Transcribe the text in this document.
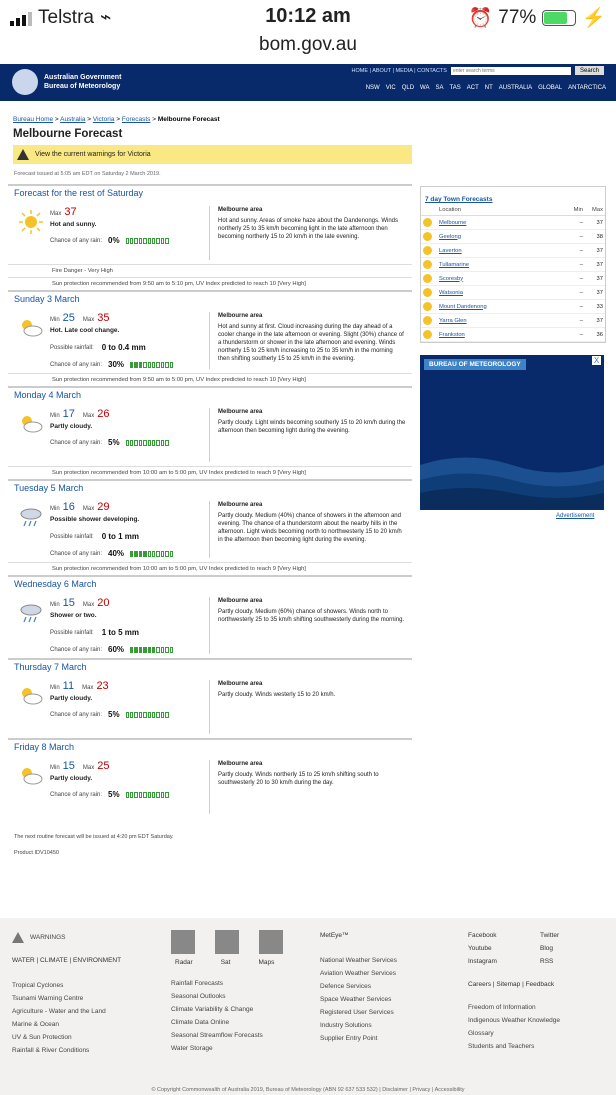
Telstra ⌁	10:12 am	⏰ 77% ⚡
bom.gov.au
Australian Government
Bureau of Meteorology
HOME | ABOUT | MEDIA | CONTACTS
enter search terms	Search
NSW VIC QLD WA SA TAS ACT NT AUSTRALIA GLOBAL ANTARCTICA
Bureau Home > Australia > Victoria > Forecasts > Melbourne Forecast
Melbourne Forecast
View the current warnings for Victoria
Forecast issued at 5:05 am EDT on Saturday 2 March 2019.
Forecast for the rest of Saturday
Max 37
Hot and sunny.
Chance of any rain: 0%
Melbourne area
Hot and sunny. Areas of smoke haze about the Dandenongs. Winds northerly 25 to 35 km/h becoming light in the late afternoon then becoming northerly 15 to 20 km/h in the late evening.
Fire Danger - Very High
Sun protection recommended from 9:50 am to 5:10 pm, UV Index predicted to reach 10 [Very High]
Sunday 3 March
Min 25 Max 35
Hot. Late cool change.
Possible rainfall: 0 to 0.4 mm
Chance of any rain: 30%
Melbourne area
Hot and sunny at first. Cloud increasing during the day ahead of a cooler change in the late afternoon or evening. Slight (30%) chance of a thunderstorm or shower in the late afternoon and evening. Winds northerly 15 to 25 km/h increasing to 25 to 35 km/h in the morning then shifting southerly 15 to 25 km/h in the evening.
Sun protection recommended from 9:50 am to 5:00 pm, UV Index predicted to reach 10 [Very High]
Monday 4 March
Min 17 Max 26
Partly cloudy.
Chance of any rain: 5%
Melbourne area
Partly cloudy. Light winds becoming southerly 15 to 20 km/h during the afternoon then becoming light during the evening.
Sun protection recommended from 10:00 am to 5:00 pm, UV Index predicted to reach 9 [Very High]
Tuesday 5 March
Min 16 Max 29
Possible shower developing.
Possible rainfall: 0 to 1 mm
Chance of any rain: 40%
Melbourne area
Partly cloudy. Medium (40%) chance of showers in the afternoon and evening. The chance of a thunderstorm about the nearby hills in the afternoon. Light winds becoming north to northwesterly 15 to 20 km/h in the afternoon then becoming light during the evening.
Sun protection recommended from 10:00 am to 5:00 pm, UV Index predicted to reach 9 [Very High]
Wednesday 6 March
Min 15 Max 20
Shower or two.
Possible rainfall: 1 to 5 mm
Chance of any rain: 60%
Melbourne area
Partly cloudy. Medium (60%) chance of showers. Winds north to northwesterly 25 to 35 km/h shifting southwesterly during the morning.
Thursday 7 March
Min 11 Max 23
Partly cloudy.
Chance of any rain: 5%
Melbourne area
Partly cloudy. Winds westerly 15 to 20 km/h.
Friday 8 March
Min 15 Max 25
Partly cloudy.
Chance of any rain: 5%
Melbourne area
Partly cloudy. Winds northerly 15 to 25 km/h shifting south to southwesterly 20 to 30 km/h during the day.
The next routine forecast will be issued at 4:20 pm EDT Saturday.
Product IDV10450
7 day Town Forecasts
	Location	Min	Max
	Melbourne	–	37
	Geelong	–	38
	Laverton	–	37
	Tullamarine	–	37
	Scoresby	–	37
	Watsonia	–	37
	Mount Dandenong	–	33
	Yarra Glen	–	37
	Frankston	–	36
BUREAU OF METEOROLOGY	X
Advertisement
WARNINGS
WATER | CLIMATE | ENVIRONMENT
Tropical Cyclones
Tsunami Warning Centre
Agriculture - Water and the Land
Marine & Ocean
UV & Sun Protection
Rainfall & River Conditions
Radar	Sat	Maps
Rainfall Forecasts
Seasonal Outlooks
Climate Variability & Change
Climate Data Online
Seasonal Streamflow Forecasts
Water Storage
MetEye™
National Weather Services
Aviation Weather Services
Defence Services
Space Weather Services
Registered User Services
Industry Solutions
Supplier Entry Point
Facebook	Twitter
Youtube	Blog
Instagram	RSS
Careers | Sitemap | Feedback
Freedom of Information
Indigenous Weather Knowledge
Glossary
Students and Teachers
© Copyright Commonwealth of Australia 2019, Bureau of Meteorology (ABN 92 637 533 532) | Disclaimer | Privacy | Accessibility
